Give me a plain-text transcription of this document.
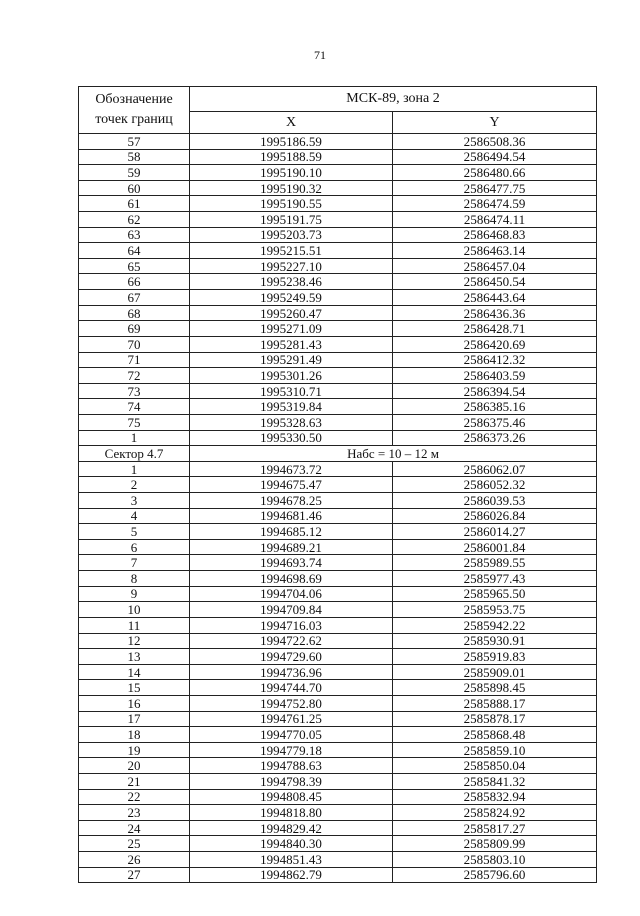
71
Обозначение точек границ	МСК-89, зона 2	
	X	Y
57	1995186.59	2586508.36
58	1995188.59	2586494.54
59	1995190.10	2586480.66
60	1995190.32	2586477.75
61	1995190.55	2586474.59
62	1995191.75	2586474.11
63	1995203.73	2586468.83
64	1995215.51	2586463.14
65	1995227.10	2586457.04
66	1995238.46	2586450.54
67	1995249.59	2586443.64
68	1995260.47	2586436.36
69	1995271.09	2586428.71
70	1995281.43	2586420.69
71	1995291.49	2586412.32
72	1995301.26	2586403.59
73	1995310.71	2586394.54
74	1995319.84	2586385.16
75	1995328.63	2586375.46
1	1995330.50	2586373.26
Сектор 4.7	Набс = 10 – 12 м	
1	1994673.72	2586062.07
2	1994675.47	2586052.32
3	1994678.25	2586039.53
4	1994681.46	2586026.84
5	1994685.12	2586014.27
6	1994689.21	2586001.84
7	1994693.74	2585989.55
8	1994698.69	2585977.43
9	1994704.06	2585965.50
10	1994709.84	2585953.75
11	1994716.03	2585942.22
12	1994722.62	2585930.91
13	1994729.60	2585919.83
14	1994736.96	2585909.01
15	1994744.70	2585898.45
16	1994752.80	2585888.17
17	1994761.25	2585878.17
18	1994770.05	2585868.48
19	1994779.18	2585859.10
20	1994788.63	2585850.04
21	1994798.39	2585841.32
22	1994808.45	2585832.94
23	1994818.80	2585824.92
24	1994829.42	2585817.27
25	1994840.30	2585809.99
26	1994851.43	2585803.10
27	1994862.79	2585796.60
